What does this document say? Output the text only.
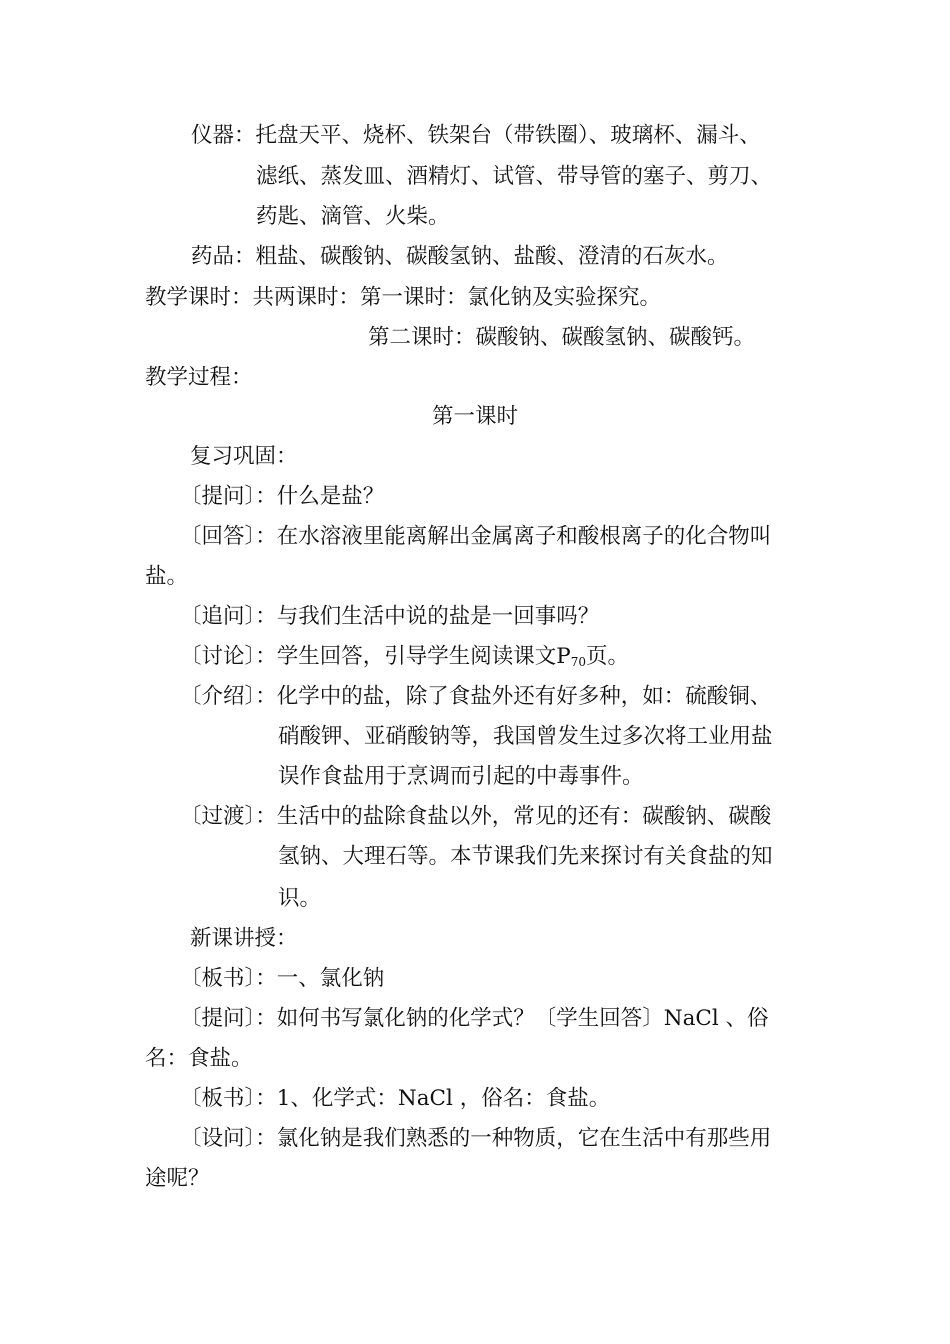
仪器：托盘天平、烧杯、铁架台（带铁圈）、玻璃杯、漏斗、
滤纸、蒸发皿、酒精灯、试管、带导管的塞子、剪刀、
药匙、滴管、火柴。
药品：粗盐、碳酸钠、碳酸氢钠、盐酸、澄清的石灰水。
教学课时：共两课时：第一课时：氯化钠及实验探究。
第二课时：碳酸钠、碳酸氢钠、碳酸钙。
教学过程：
第一课时
复习巩固：
〔提问〕：什么是盐？
〔回答〕：在水溶液里能离解出金属离子和酸根离子的化合物叫
盐。
〔追问〕：与我们生活中说的盐是一回事吗？
〔讨论〕：学生回答，引导学生阅读课文$P_{70}$页。
〔介绍〕：化学中的盐，除了食盐外还有好多种，如：硫酸铜、
硝酸钾、亚硝酸钠等，我国曾发生过多次将工业用盐
误作食盐用于烹调而引起的中毒事件。
〔过渡〕：生活中的盐除食盐以外，常见的还有：碳酸钠、碳酸
氢钠、大理石等。本节课我们先来探讨有关食盐的知
识。
新课讲授：
〔板书〕：一、氯化钠
〔提问〕：如何书写氯化钠的化学式？〔学生回答〕NaCl 、俗
名：食盐。
〔板书〕：1、化学式：NaCl ，俗名：食盐。
〔设问〕：氯化钠是我们熟悉的一种物质，它在生活中有那些用
途呢？
